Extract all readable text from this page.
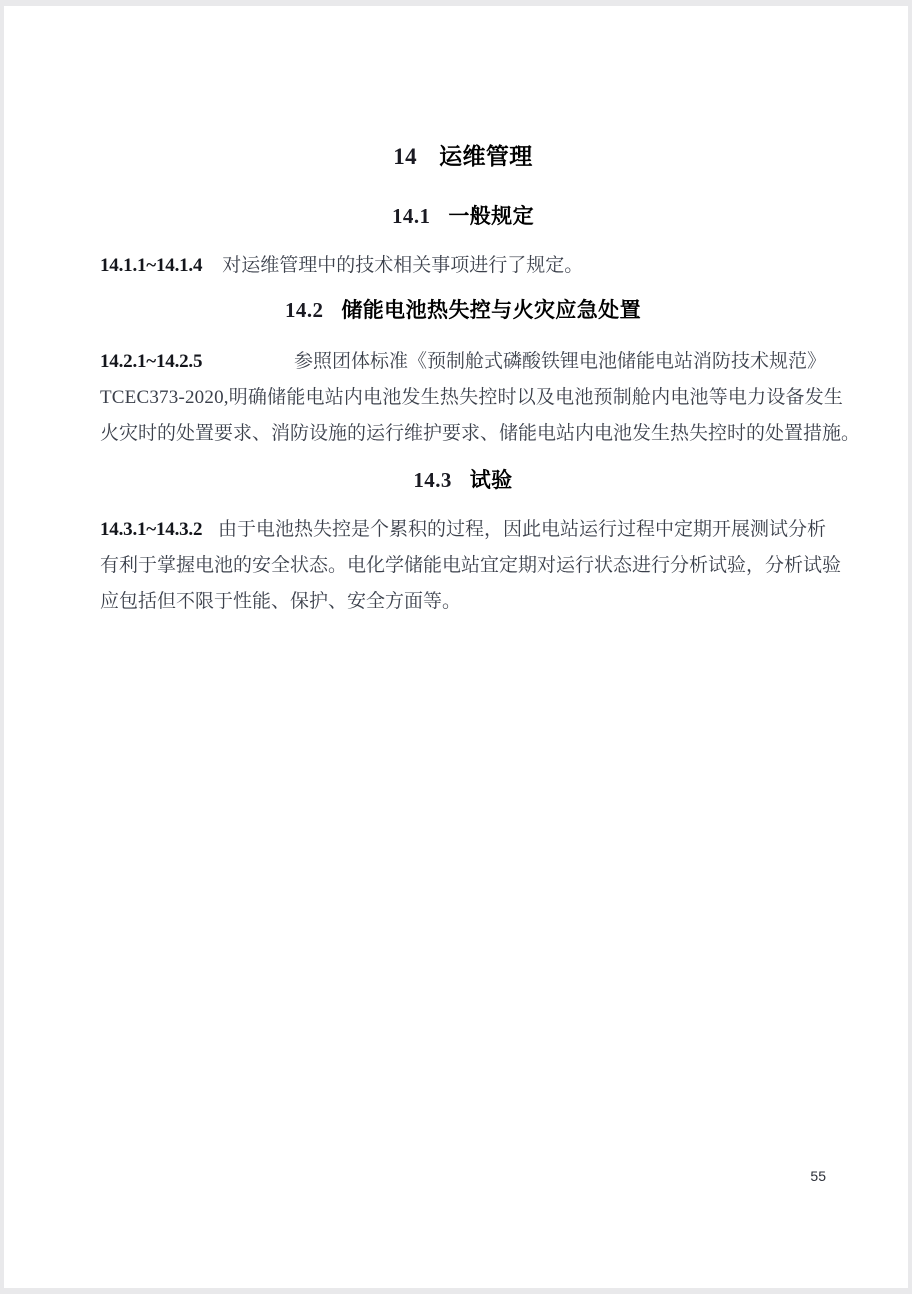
14 运维管理
14.1 一般规定
14.1.1~14.1.4 对运维管理中的技术相关事项进行了规定。
14.2 储能电池热失控与火灾应急处置
14.2.1~14.2.5	参照团体标准《预制舱式磷酸铁锂电池储能电站消防技术规范》
TCEC373-2020,明确储能电站内电池发生热失控时以及电池预制舱内电池等电力设备发生
火灾时的处置要求、消防设施的运行维护要求、储能电站内电池发生热失控时的处置措施。
14.3 试验
14.3.1~14.3.2 由于电池热失控是个累积的过程，因此电站运行过程中定期开展测试分析
有利于掌握电池的安全状态。电化学储能电站宜定期对运行状态进行分析试验，分析试验
应包括但不限于性能、保护、安全方面等。
55
